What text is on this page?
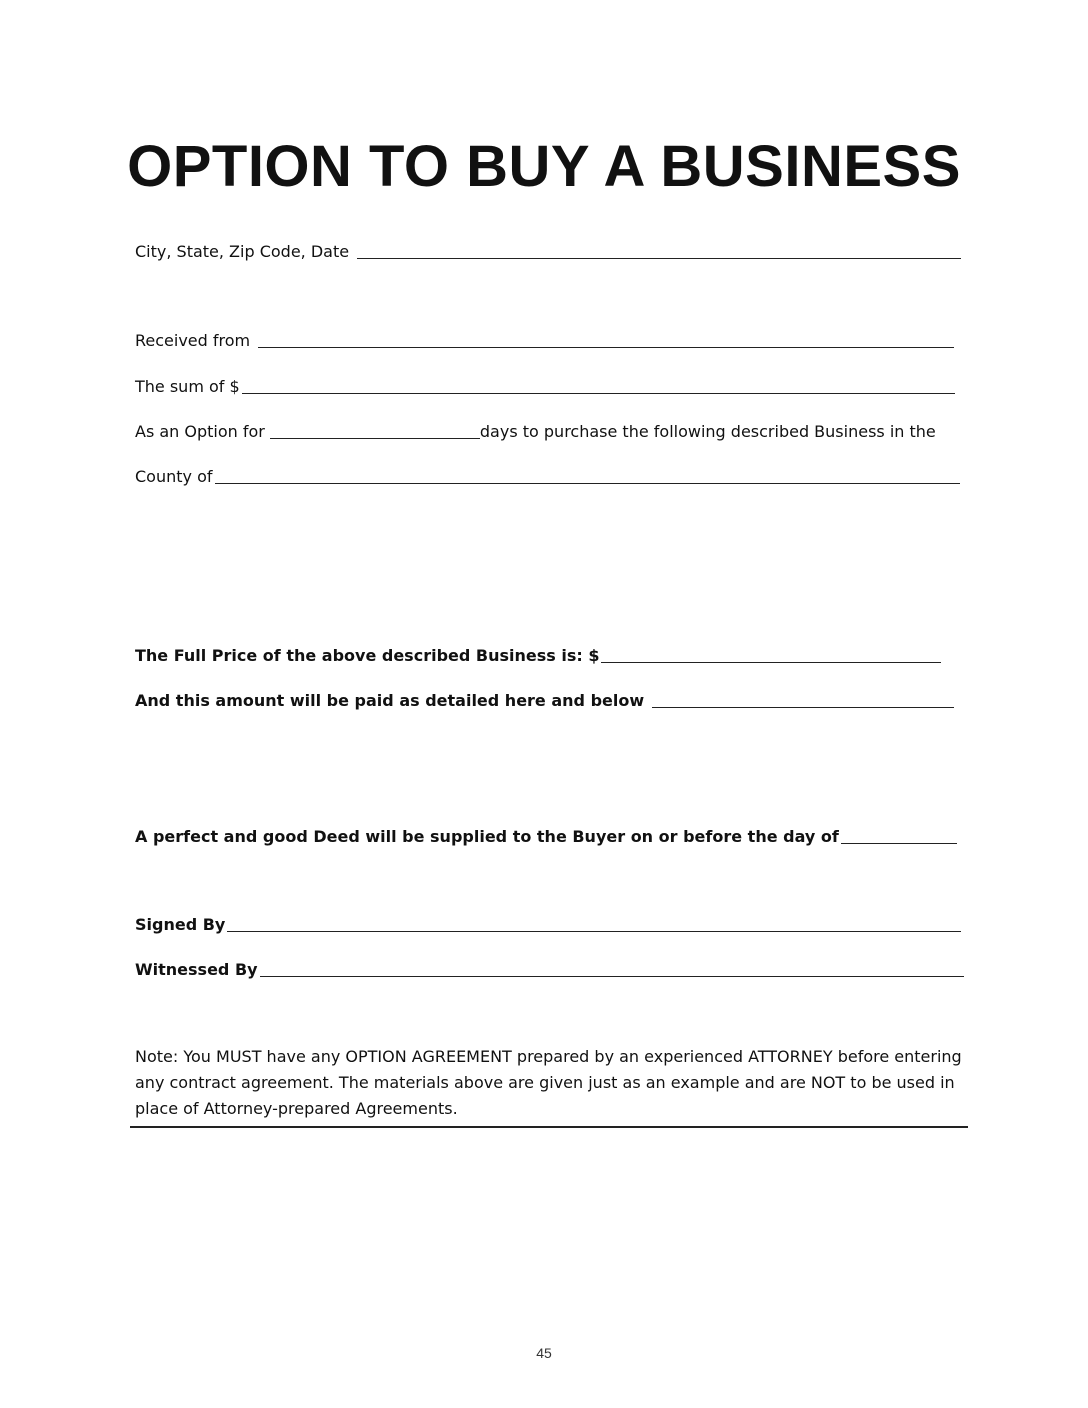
OPTION TO BUY A BUSINESS
City, State, Zip Code, Date
Received from
The sum of $
As an Option for	days to purchase the following described Business in the
County of
The Full Price of the above described Business is: $
And this amount will be paid as detailed here and below
A perfect and good Deed will be supplied to the Buyer on or before the day of
Signed By
Witnessed By
Note: You MUST have any OPTION AGREEMENT prepared by an experienced ATTORNEY before entering any contract agreement. The materials above are given just as an example and are NOT to be used in place of Attorney-prepared Agreements.
45
